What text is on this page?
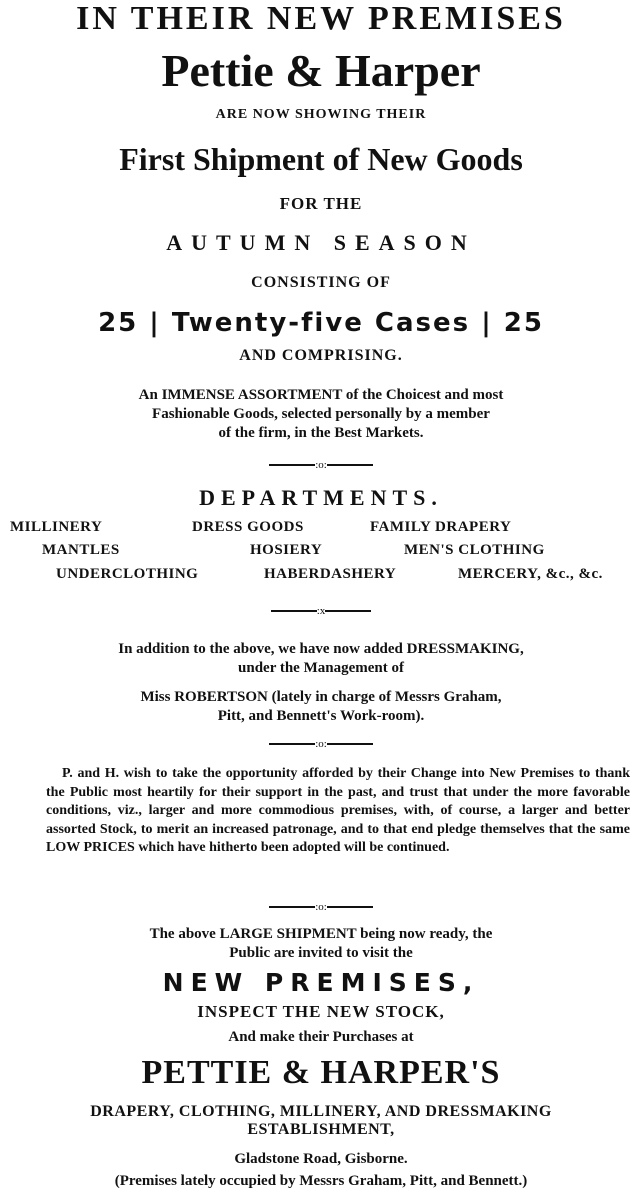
IN THEIR NEW PREMISES
Pettie & Harper
ARE NOW SHOWING THEIR
First Shipment of New Goods
FOR THE
AUTUMN SEASON
CONSISTING OF
25 | Twenty-five Cases | 25
AND COMPRISING.
An IMMENSE ASSORTMENT of the Choicest and most
Fashionable Goods, selected personally by a member
of the firm, in the Best Markets.
:o:
DEPARTMENTS.
MILLINERY	DRESS GOODS	FAMILY DRAPERY
MANTLES	HOSIERY	MEN'S CLOTHING
UNDERCLOTHING	HABERDASHERY	MERCERY, &c., &c.
:x
In addition to the above, we have now added DRESSMAKING,
under the Management of
Miss ROBERTSON (lately in charge of Messrs Graham,
Pitt, and Bennett's Work-room).
:o:
P. and H. wish to take the opportunity afforded by their Change into New Premises to thank the Public most heartily for their support in the past, and trust that under the more favorable conditions, viz., larger and more commodious premises, with, of course, a larger and better assorted Stock, to merit an increased patronage, and to that end pledge themselves that the same LOW PRICES which have hitherto been adopted will be continued.
:o:
The above LARGE SHIPMENT being now ready, the
Public are invited to visit the
NEW PREMISES,
INSPECT THE NEW STOCK,
And make their Purchases at
PETTIE & HARPER'S
DRAPERY, CLOTHING, MILLINERY, AND DRESSMAKING
ESTABLISHMENT,
Gladstone Road, Gisborne.
(Premises lately occupied by Messrs Graham, Pitt, and Bennett.)
